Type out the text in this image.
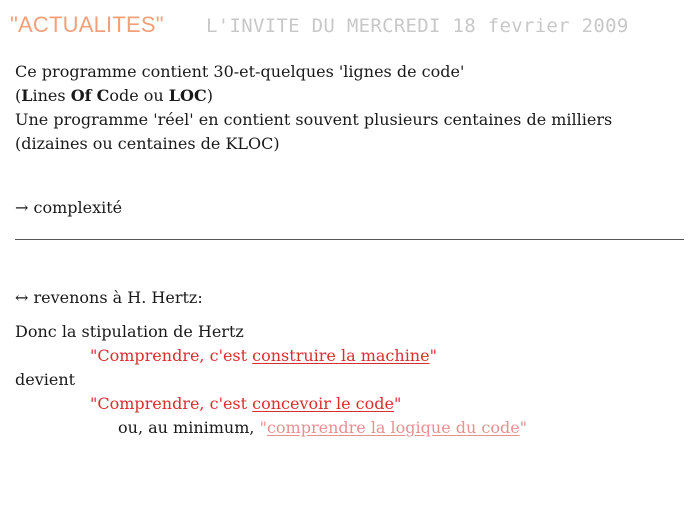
"ACTUALITES" L'INVITE DU MERCREDI 18 fevrier 2009
Ce programme contient 30-et-quelques 'lignes de code'
(Lines Of Code ou LOC)
Une programme 'réel' en contient souvent plusieurs centaines de milliers
(dizaines ou centaines de KLOC)
→ complexité
↔ revenons à H. Hertz:
Donc la stipulation de Hertz
"Comprendre, c'est construire la machine"
devient
"Comprendre, c'est concevoir le code"
ou, au minimum, "comprendre la logique du code"
